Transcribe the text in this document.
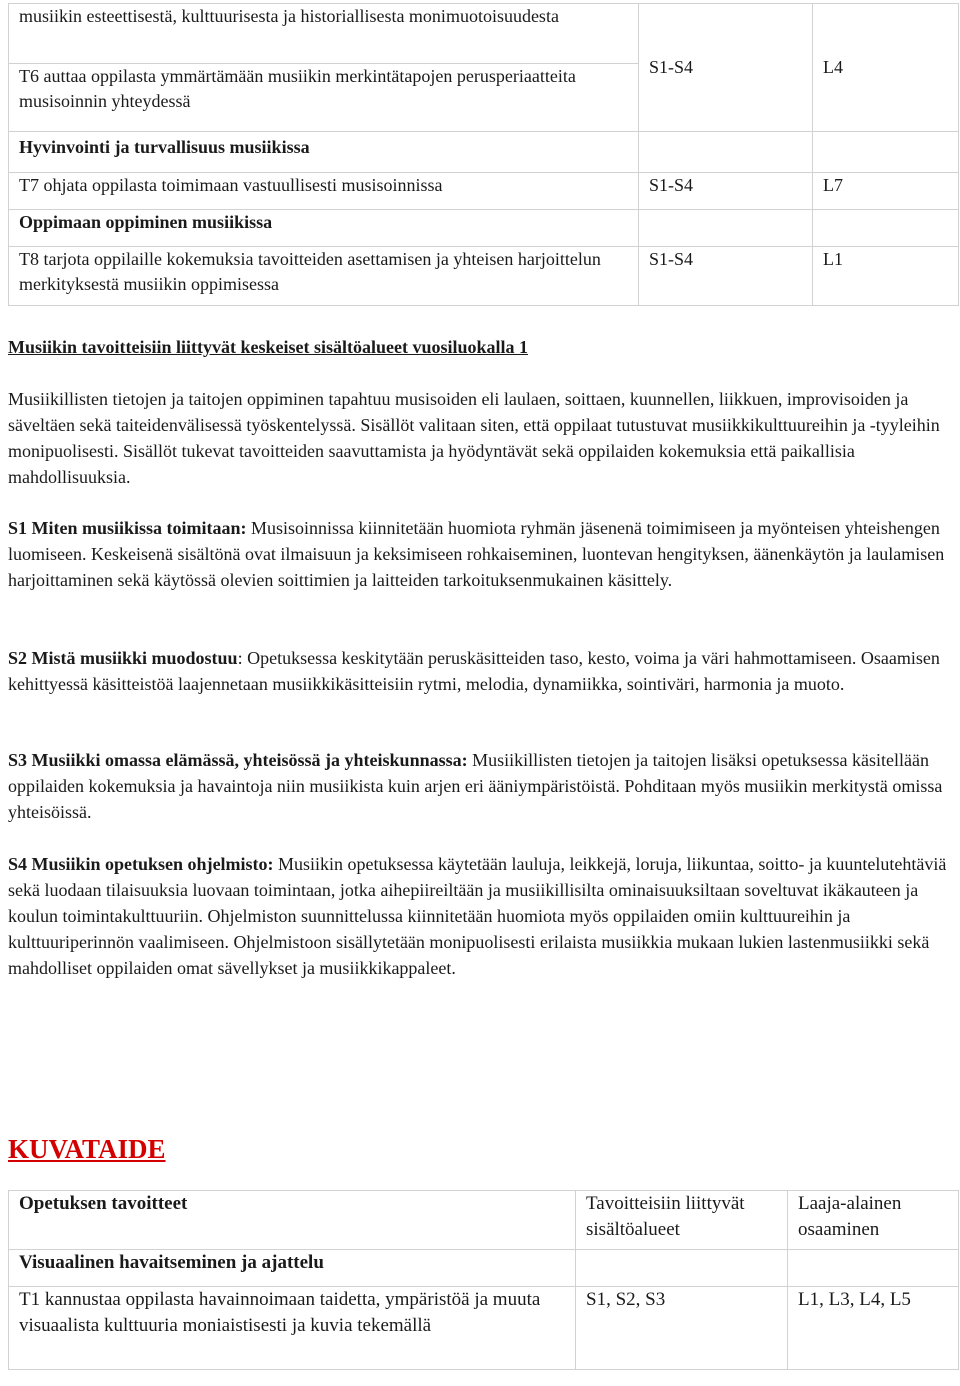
musiikin esteettisestä, kulttuurisesta ja historiallisesta monimuotoisuudesta	S1-S4	L4
T6 auttaa oppilasta ymmärtämään musiikin merkintätapojen perusperiaatteita musisoinnin yhteydessä		
Hyvinvointi ja turvallisuus musiikissa		
T7 ohjata oppilasta toimimaan vastuullisesti musisoinnissa	S1-S4	L7
Oppimaan oppiminen musiikissa		
T8 tarjota oppilaille kokemuksia tavoitteiden asettamisen ja yhteisen harjoittelun merkityksestä musiikin oppimisessa	S1-S4	L1
Musiikin tavoitteisiin liittyvät keskeiset sisältöalueet vuosiluokalla 1
Musiikillisten tietojen ja taitojen oppiminen tapahtuu musisoiden eli laulaen, soittaen, kuunnellen, liikkuen, improvisoiden ja säveltäen sekä taiteidenvälisessä työskentelyssä. Sisällöt valitaan siten, että oppilaat tutustuvat musiikkikulttuureihin ja -tyyleihin monipuolisesti. Sisällöt tukevat tavoitteiden saavuttamista ja hyödyntävät sekä oppilaiden kokemuksia että paikallisia mahdollisuuksia.
S1 Miten musiikissa toimitaan: Musisoinnissa kiinnitetään huomiota ryhmän jäsenenä toimimiseen ja myönteisen yhteishengen luomiseen. Keskeisenä sisältönä ovat ilmaisuun ja keksimiseen rohkaiseminen, luontevan hengityksen, äänenkäytön ja laulamisen harjoittaminen sekä käytössä olevien soittimien ja laitteiden tarkoituksenmukainen käsittely.
S2 Mistä musiikki muodostuu: Opetuksessa keskitytään peruskäsitteiden taso, kesto, voima ja väri hahmottamiseen. Osaamisen kehittyessä käsitteistöä laajennetaan musiikkikäsitteisiin rytmi, melodia, dynamiikka, sointiväri, harmonia ja muoto.
S3 Musiikki omassa elämässä, yhteisössä ja yhteiskunnassa: Musiikillisten tietojen ja taitojen lisäksi opetuksessa käsitellään oppilaiden kokemuksia ja havaintoja niin musiikista kuin arjen eri ääniympäristöistä. Pohditaan myös musiikin merkitystä omissa yhteisöissä.
S4 Musiikin opetuksen ohjelmisto: Musiikin opetuksessa käytetään lauluja, leikkejä, loruja, liikuntaa, soitto- ja kuuntelutehtäviä sekä luodaan tilaisuuksia luovaan toimintaan, jotka aihepiireiltään ja musiikillisilta ominaisuuksiltaan soveltuvat ikäkauteen ja koulun toimintakulttuuriin. Ohjelmiston suunnittelussa kiinnitetään huomiota myös oppilaiden omiin kulttuureihin ja kulttuuriperinnön vaalimiseen. Ohjelmistoon sisällytetään monipuolisesti erilaista musiikkia mukaan lukien lastenmusiikki sekä mahdolliset oppilaiden omat sävellykset ja musiikkikappaleet.
KUVATAIDE
Opetuksen tavoitteet	Tavoitteisiin liittyvät sisältöalueet	Laaja-alainen osaaminen
Visuaalinen havaitseminen ja ajattelu		
T1 kannustaa oppilasta havainnoimaan taidetta, ympäristöä ja muuta visuaalista kulttuuria moniaistisesti ja kuvia tekemällä	S1, S2, S3	L1, L3, L4, L5
